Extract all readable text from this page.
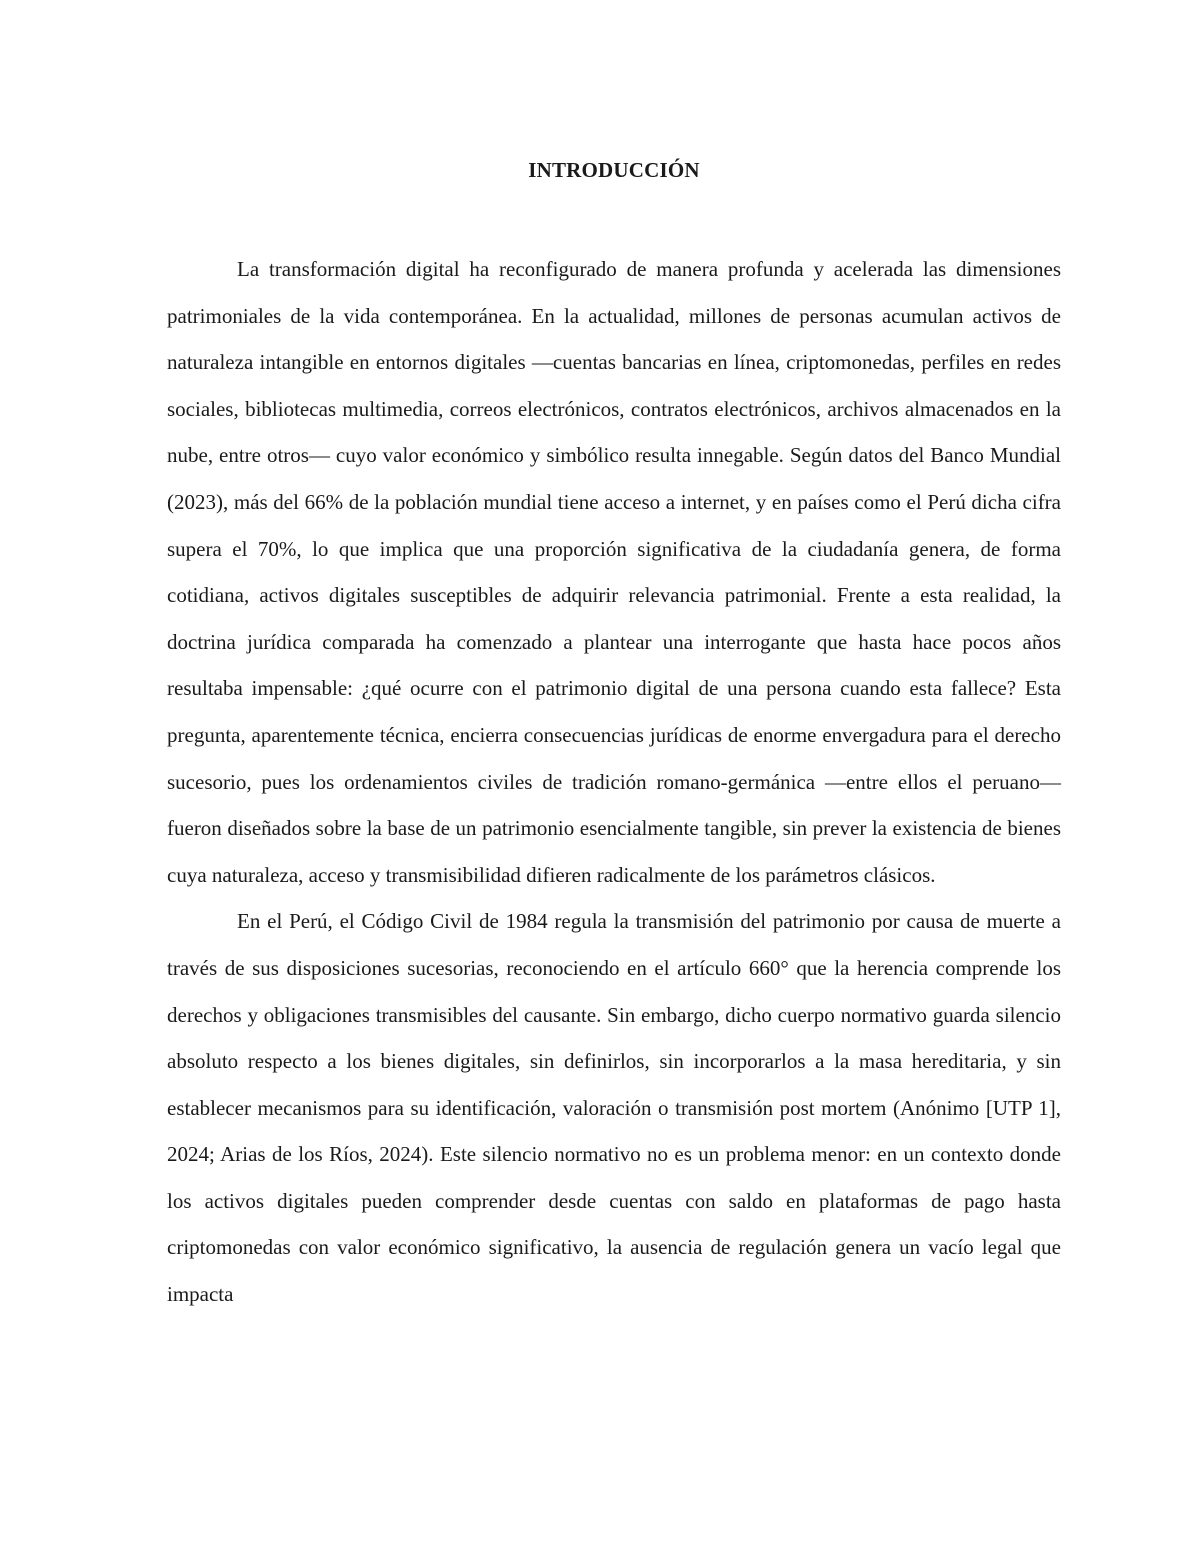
INTRODUCCIÓN

La transformación digital ha reconfigurado de manera profunda y acelerada las dimensiones patrimoniales de la vida contemporánea. En la actualidad, millones de personas acumulan activos de naturaleza intangible en entornos digitales —cuentas bancarias en línea, criptomonedas, perfiles en redes sociales, bibliotecas multimedia, correos electrónicos, contratos electrónicos, archivos almacenados en la nube, entre otros— cuyo valor económico y simbólico resulta innegable. Según datos del Banco Mundial (2023), más del 66% de la población mundial tiene acceso a internet, y en países como el Perú dicha cifra supera el 70%, lo que implica que una proporción significativa de la ciudadanía genera, de forma cotidiana, activos digitales susceptibles de adquirir relevancia patrimonial. Frente a esta realidad, la doctrina jurídica comparada ha comenzado a plantear una interrogante que hasta hace pocos años resultaba impensable: ¿qué ocurre con el patrimonio digital de una persona cuando esta fallece? Esta pregunta, aparentemente técnica, encierra consecuencias jurídicas de enorme envergadura para el derecho sucesorio, pues los ordenamientos civiles de tradición romano-germánica —entre ellos el peruano— fueron diseñados sobre la base de un patrimonio esencialmente tangible, sin prever la existencia de bienes cuya naturaleza, acceso y transmisibilidad difieren radicalmente de los parámetros clásicos.

En el Perú, el Código Civil de 1984 regula la transmisión del patrimonio por causa de muerte a través de sus disposiciones sucesorias, reconociendo en el artículo 660° que la herencia comprende los derechos y obligaciones transmisibles del causante. Sin embargo, dicho cuerpo normativo guarda silencio absoluto respecto a los bienes digitales, sin definirlos, sin incorporarlos a la masa hereditaria, y sin establecer mecanismos para su identificación, valoración o transmisión post mortem (Anónimo [UTP 1], 2024; Arias de los Ríos, 2024). Este silencio normativo no es un problema menor: en un contexto donde los activos digitales pueden comprender desde cuentas con saldo en plataformas de pago hasta criptomonedas con valor económico significativo, la ausencia de regulación genera un vacío legal que impacta
